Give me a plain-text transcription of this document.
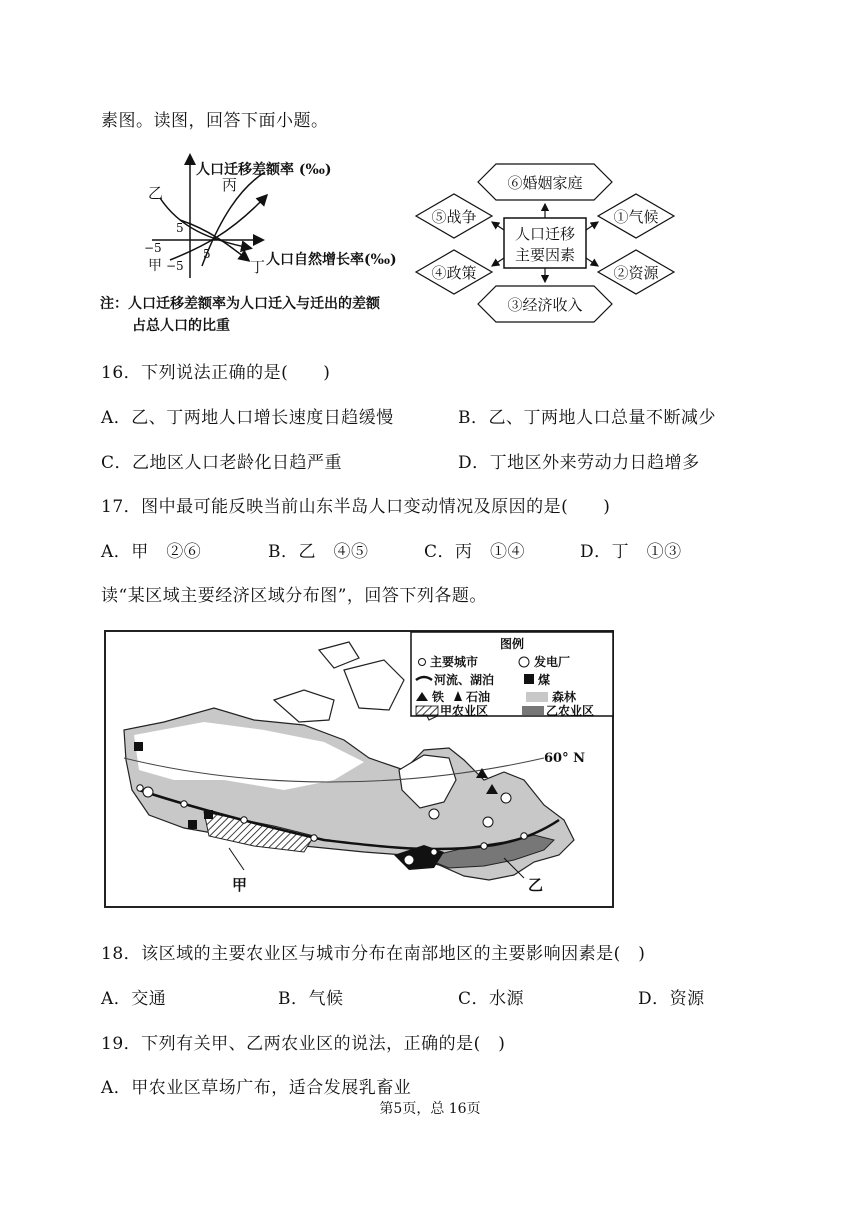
素图。读图，回答下面小题。
人口迁移差额率 (‰)
人口自然增长率(‰)
5
−5	5
−5
乙	丙
甲	丁
注：人口迁移差额率为人口迁入与迁出的差额
占总人口的比重
人口迁移
主要因素
⑥婚姻家庭
⑤战争	①气候
④政策	②资源
③经济收入
16．下列说法正确的是(　　)
A．乙、丁两地人口增长速度日趋缓慢	B．乙、丁两地人口总量不断减少
C．乙地区人口老龄化日趋严重	D．丁地区外来劳动力日趋增多
17．图中最可能反映当前山东半岛人口变动情况及原因的是(　　)
A．甲　②⑥	B．乙　④⑤	C．丙　①④	D．丁　①③
读“某区域主要经济区域分布图”，回答下列各题。
60° N
甲	乙
图例
主要城市	发电厂
河流、湖泊	煤
铁 石油	森林
甲农业区	乙农业区
18．该区域的主要农业区与城市分布在南部地区的主要影响因素是(　)
A．交通	B．气候	C．水源	D．资源
19．下列有关甲、乙两农业区的说法，正确的是(　)
A．甲农业区草场广布，适合发展乳畜业
第5页，总 16页
